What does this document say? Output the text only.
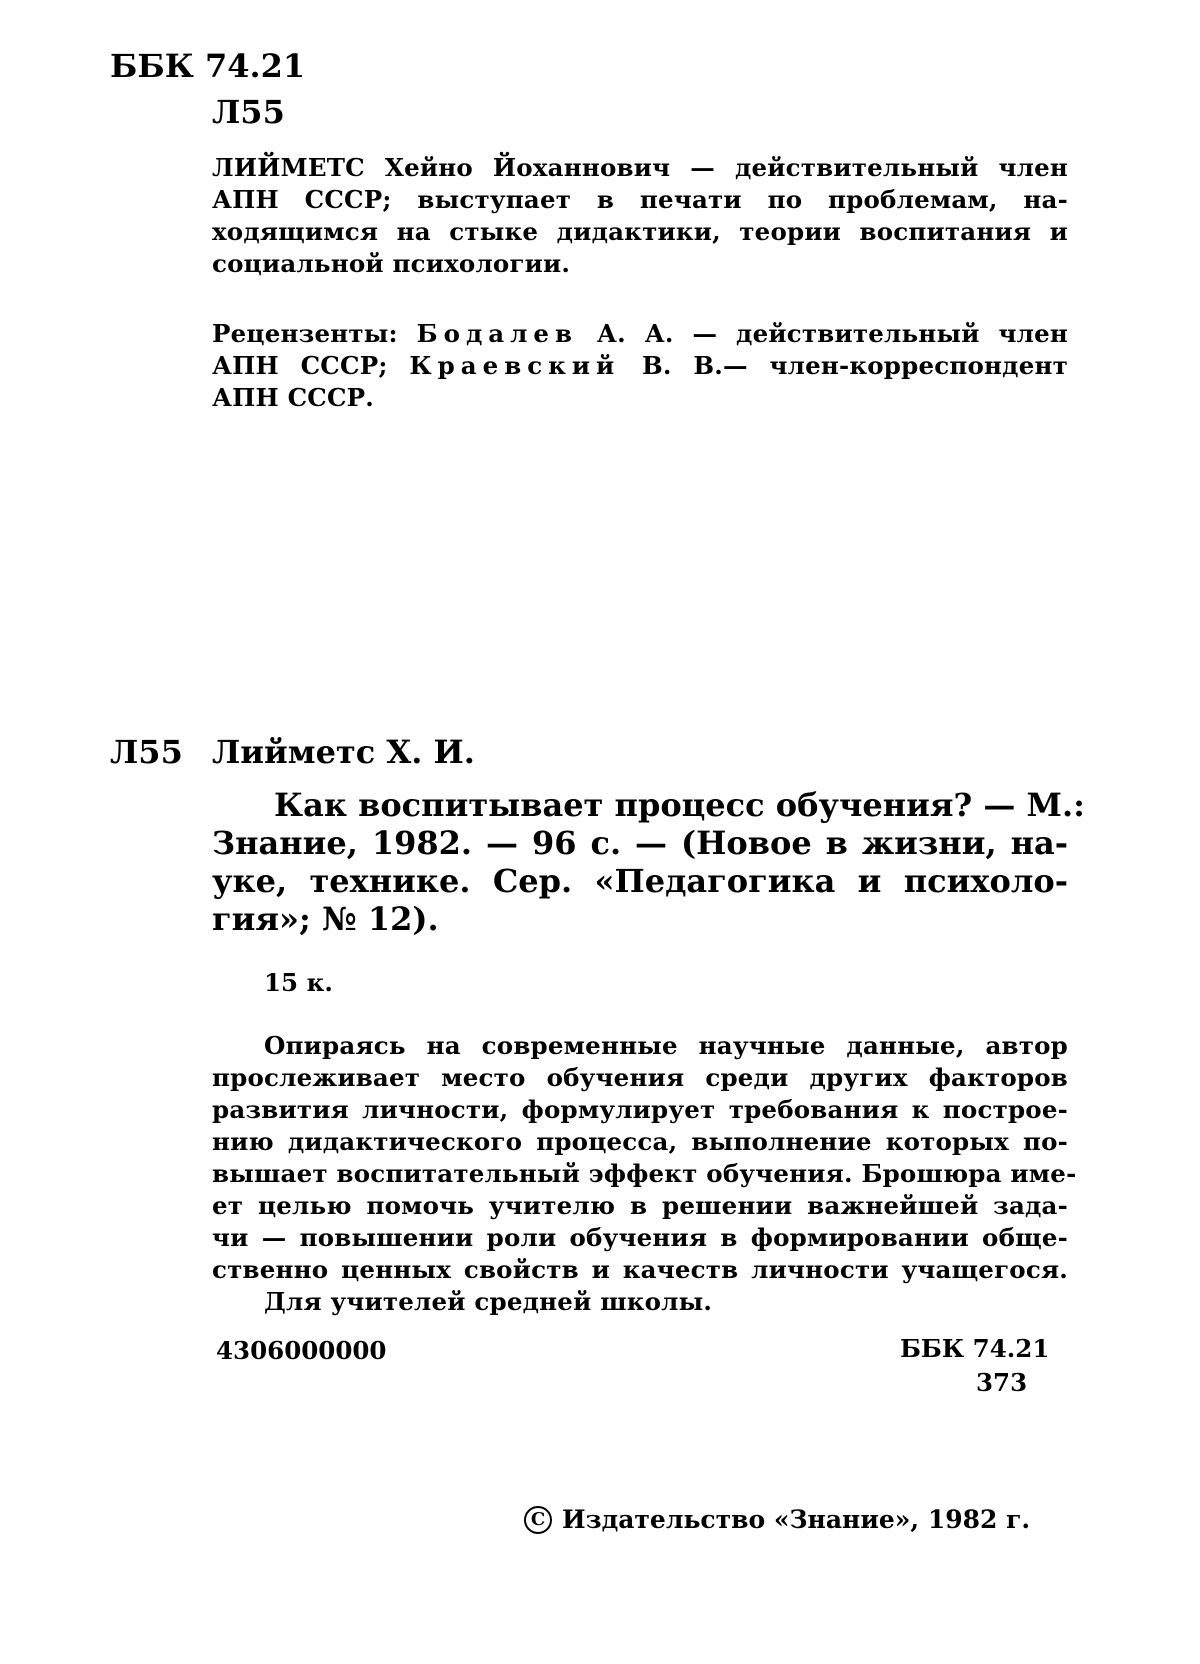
ББК 74.21
Л55
ЛИЙМЕТС Хейно Йоханнович — действительный член
АПН СССР; выступает в печати по проблемам, на-
ходящимся на стыке дидактики, теории воспитания и
социальной психологии.
Рецензенты: Бодалев А. А. — действительный член
АПН СССР; Краевский В. В.— член-корреспондент
АПН СССР.
Л55 Лийметс Х. И.
Как воспитывает процесс обучения? — М.:
Знание, 1982. — 96 с. — (Новое в жизни, на-
уке, технике. Сер. «Педагогика и психоло-
гия»; № 12).
15 к.
Опираясь на современные научные данные, автор
прослеживает место обучения среди других факторов
развития личности, формулирует требования к построе-
нию дидактического процесса, выполнение которых по-
вышает воспитательный эффект обучения. Брошюра име-
ет целью помочь учителю в решении важнейшей зада-
чи — повышении роли обучения в формировании обще-
ственно ценных свойств и качеств личности учащегося.
Для учителей средней школы.
4306000000	ББК 74.21
373
C Издательство «Знание», 1982 г.
